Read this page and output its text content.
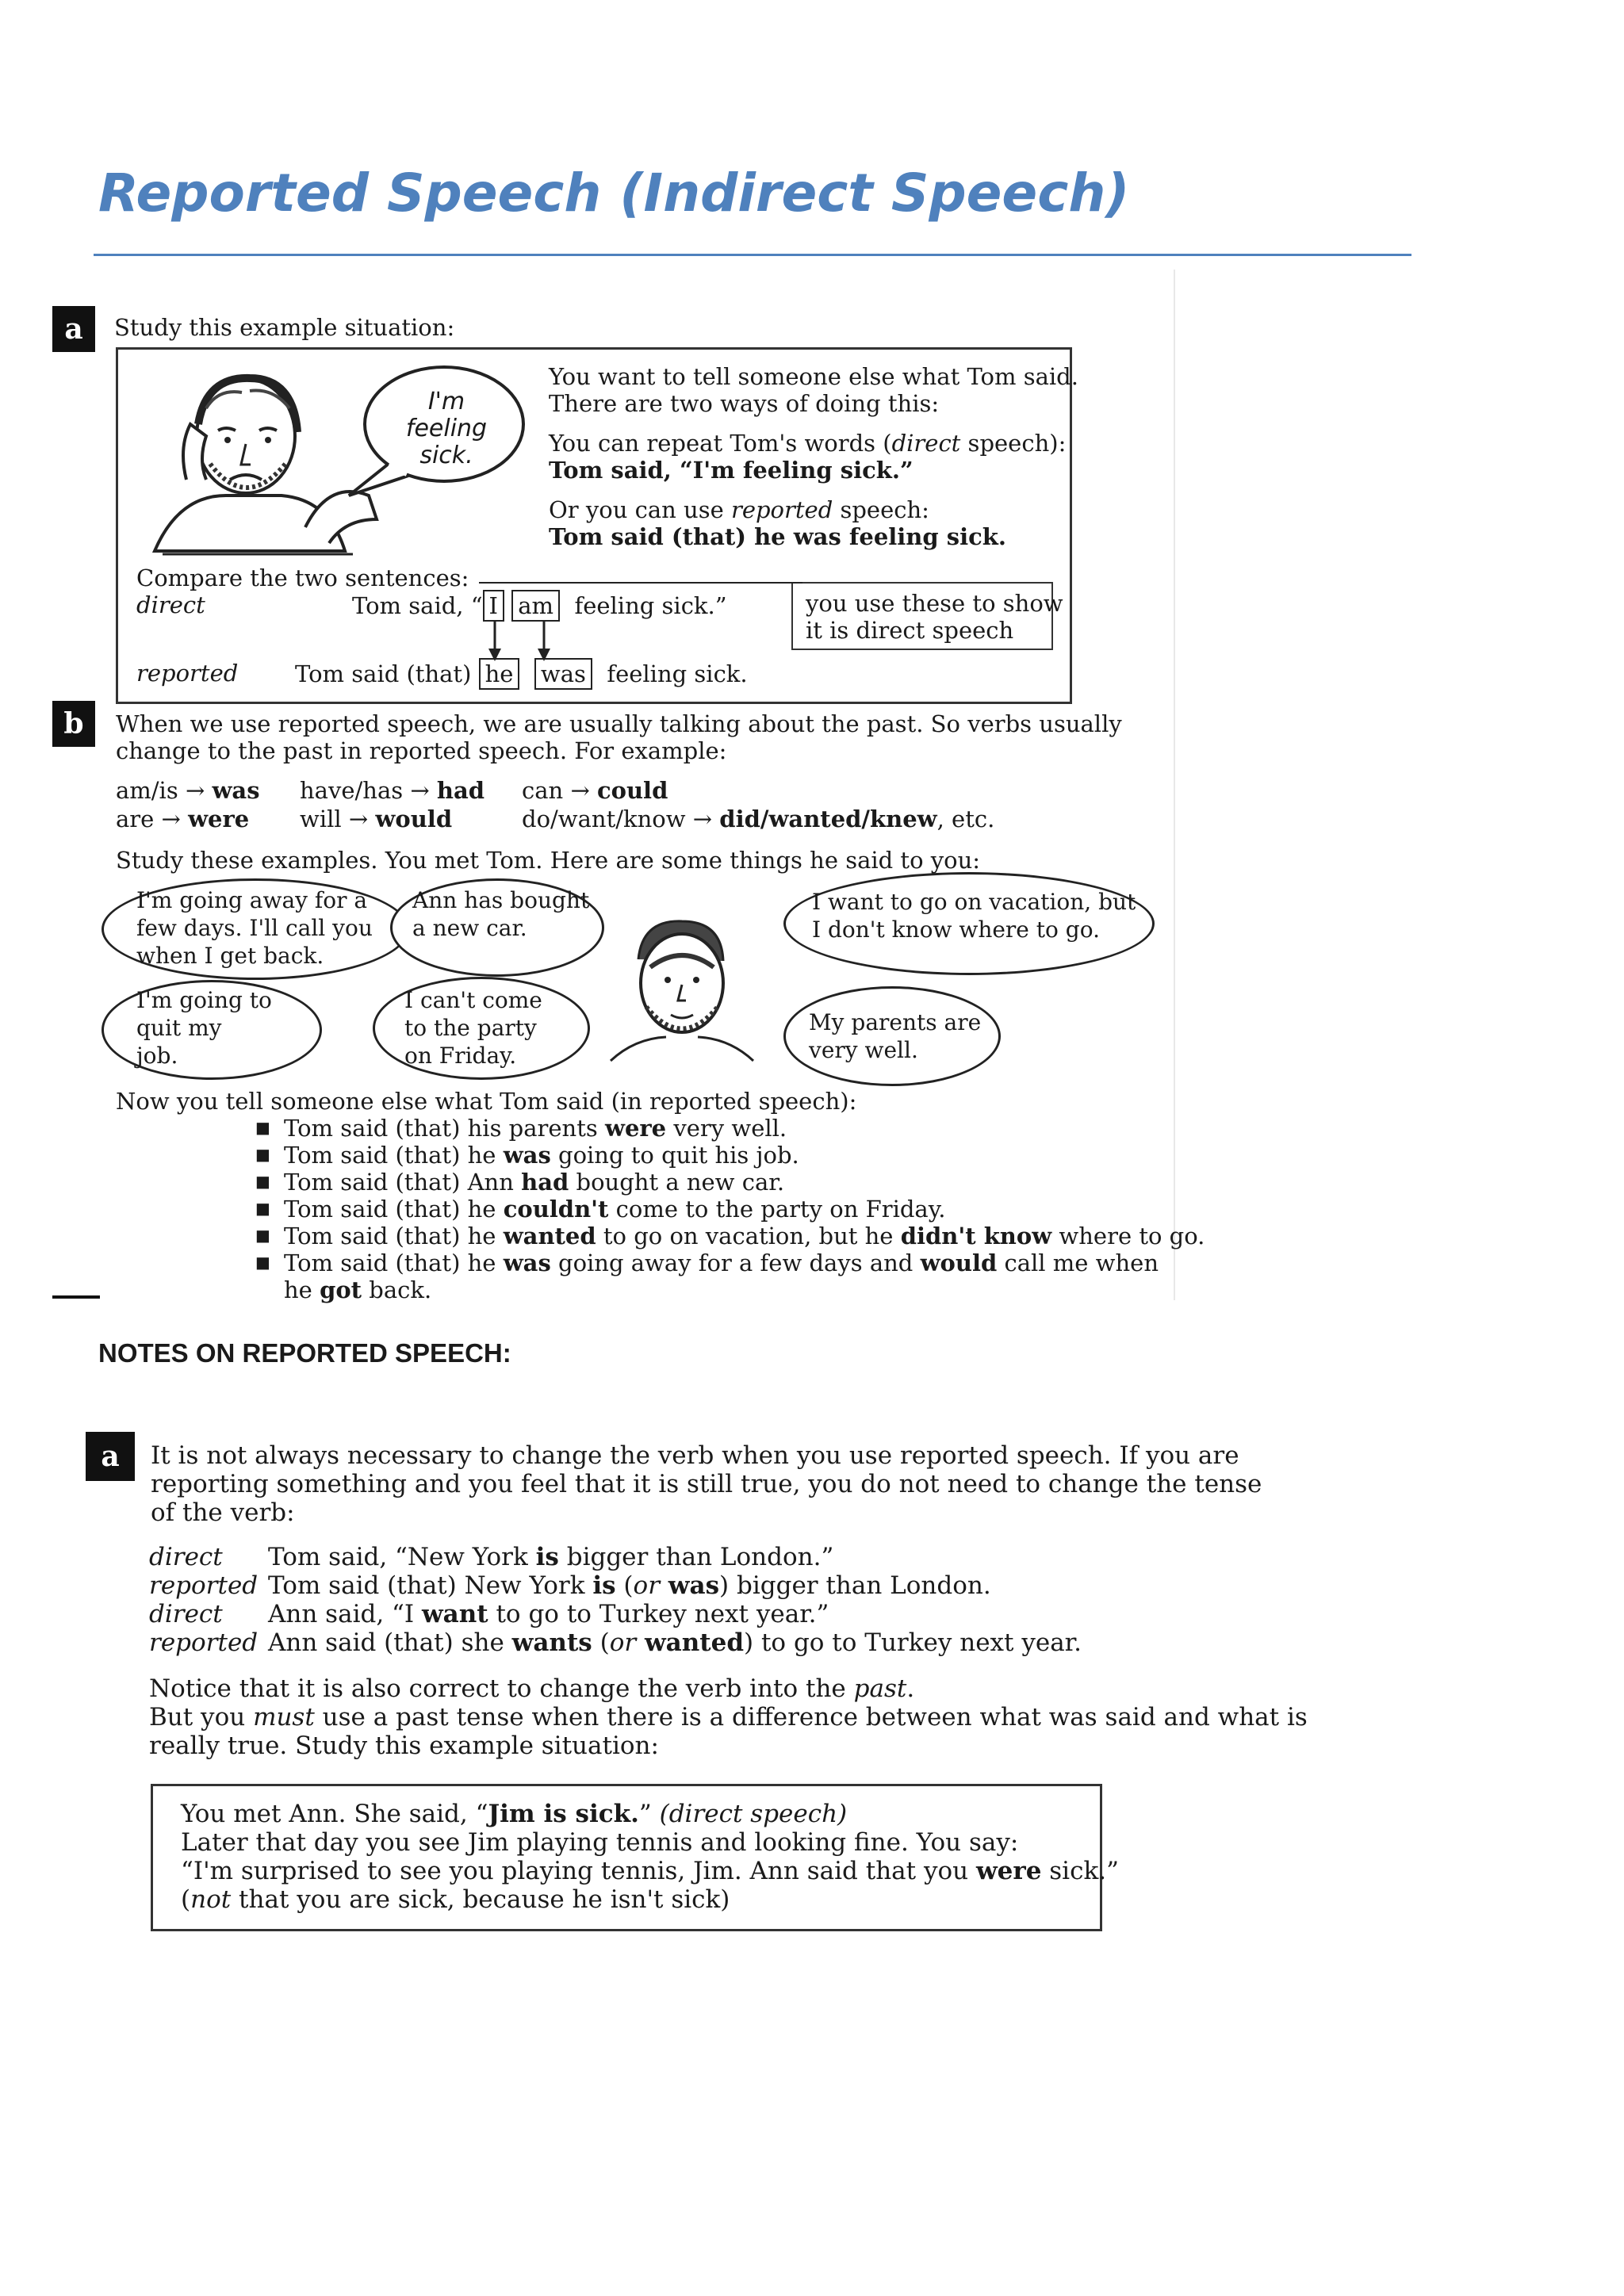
Reported Speech (Indirect Speech)
a	Study this example situation:
I'm
feeling
sick.
You want to tell someone else what Tom said.
There are two ways of doing this:
You can repeat Tom's words (direct speech):
Tom said, “I'm feeling sick.”
Or you can use reported speech:
Tom said (that) he was feeling sick.
Compare the two sentences:
direct	Tom said, “ I am feeling sick.”	you use these to show
it is direct speech
reported Tom said (that) he was feeling sick.
b	When we use reported speech, we are usually talking about the past. So verbs usually
change to the past in reported speech. For example:
am/is → was have/has → had can → could
are → were will → would	do/want/know → did/wanted/knew, etc.
Study these examples. You met Tom. Here are some things he said to you:
I'm going away for a
few days. I'll call you
when I get back.
Ann has bought
a new car.
I want to go on vacation, but
I don't know where to go.
I'm going to
quit my
job.
I can't come
to the party
on Friday.
My parents are
very well.
Now you tell someone else what Tom said (in reported speech):
■ Tom said (that) his parents were very well.
■ Tom said (that) he was going to quit his job.
■ Tom said (that) Ann had bought a new car.
■ Tom said (that) he couldn't come to the party on Friday.
■ Tom said (that) he wanted to go on vacation, but he didn't know where to go.
■ Tom said (that) he was going away for a few days and would call me when
he got back.
NOTES ON REPORTED SPEECH:
a	It is not always necessary to change the verb when you use reported speech. If you are
reporting something and you feel that it is still true, you do not need to change the tense
of the verb:
direct Tom said, “New York is bigger than London.”
reported Tom said (that) New York is (or was) bigger than London.
direct Ann said, “I want to go to Turkey next year.”
reported Ann said (that) she wants (or wanted) to go to Turkey next year.
Notice that it is also correct to change the verb into the past.
But you must use a past tense when there is a difference between what was said and what is
really true. Study this example situation:
You met Ann. She said, “Jim is sick.” (direct speech)
Later that day you see Jim playing tennis and looking fine. You say:
“I'm surprised to see you playing tennis, Jim. Ann said that you were sick.”
(not that you are sick, because he isn't sick)
